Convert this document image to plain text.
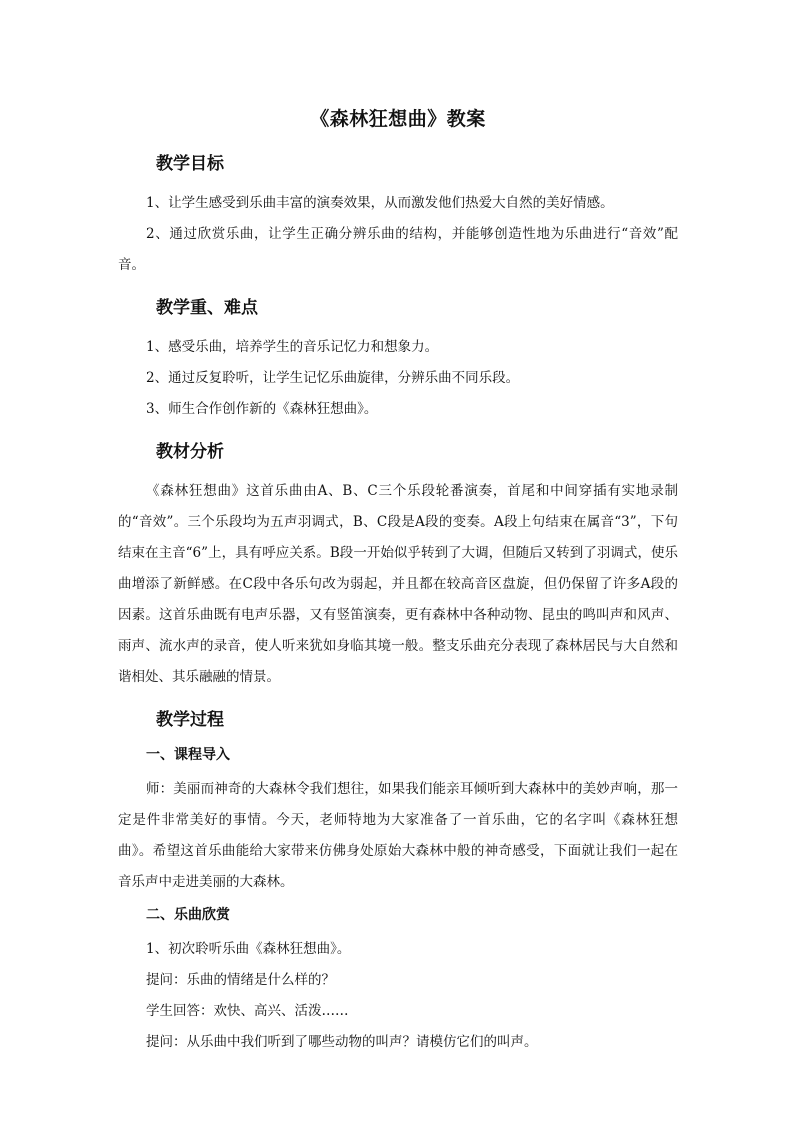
《森林狂想曲》教案
教学目标

1、让学生感受到乐曲丰富的演奏效果，从而激发他们热爱大自然的美好情感。

2、通过欣赏乐曲，让学生正确分辨乐曲的结构，并能够创造性地为乐曲进行“音效”配音。

教学重、难点

1、感受乐曲，培养学生的音乐记忆力和想象力。

2、通过反复聆听，让学生记忆乐曲旋律，分辨乐曲不同乐段。

3、师生合作创作新的《森林狂想曲》。

教材分析

《森林狂想曲》这首乐曲由A、B、C三个乐段轮番演奏，首尾和中间穿插有实地录制的“音效”。三个乐段均为五声羽调式，B、C段是A段的变奏。A段上句结束在属音“3”，下句结束在主音“6”上，具有呼应关系。B段一开始似乎转到了大调，但随后又转到了羽调式，使乐曲增添了新鲜感。在C段中各乐句改为弱起，并且都在较高音区盘旋，但仍保留了许多A段的因素。这首乐曲既有电声乐器，又有竖笛演奏，更有森林中各种动物、昆虫的鸣叫声和风声、雨声、流水声的录音，使人听来犹如身临其境一般。整支乐曲充分表现了森林居民与大自然和谐相处、其乐融融的情景。

教学过程
一、课程导入

师：美丽而神奇的大森林令我们想往，如果我们能亲耳倾听到大森林中的美妙声响，那一定是件非常美好的事情。今天，老师特地为大家准备了一首乐曲，它的名字叫《森林狂想曲》。希望这首乐曲能给大家带来仿佛身处原始大森林中般的神奇感受，下面就让我们一起在音乐声中走进美丽的大森林。

二、乐曲欣赏

1、初次聆听乐曲《森林狂想曲》。

提问：乐曲的情绪是什么样的？

学生回答：欢快、高兴、活泼……

提问：从乐曲中我们听到了哪些动物的叫声？请模仿它们的叫声。
